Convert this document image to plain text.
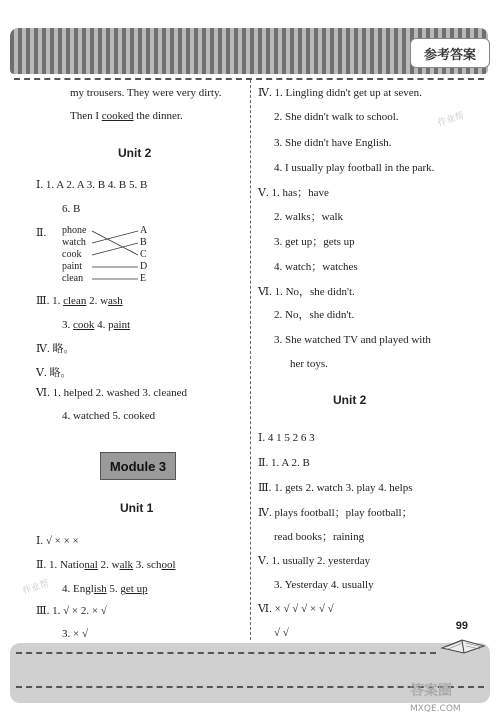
参考答案
my trousers. They were very dirty.
Then I cooked the dinner.
Unit 2
Ⅰ. 1. A 2. A 3. B 4. B 5. B
6. B
Ⅱ. phone
watch
cook
paint
clean
A
B
C
D
E
Ⅲ. 1. clean 2. wash
3. cook 4. paint
Ⅳ. 略。
Ⅴ. 略。
Ⅵ. 1. helped 2. washed 3. cleaned
4. watched 5. cooked
Module 3
Unit 1
Ⅰ. √ × × ×
Ⅱ. 1. National 2. walk 3. school
4. English 5. get up
Ⅲ. 1. √ × 2. × √
3. × √
Ⅳ. 1. Lingling didn't get up at seven.
2. She didn't walk to school.
3. She didn't have English.
4. I usually play football in the park.
Ⅴ. 1. has；have
2. walks；walk
3. get up；gets up
4. watch；watches
Ⅵ. 1. No，she didn't.
2. No，she didn't.
3. She watched TV and played with
her toys.
Unit 2
Ⅰ. 4 1 5 2 6 3
Ⅱ. 1. A 2. B
Ⅲ. 1. gets 2. watch 3. play 4. helps
Ⅳ. plays football；play football；
read books；raining
Ⅴ. 1. usually 2. yesterday
3. Yesterday 4. usually
Ⅵ. × √ √ √ × √ √
√ √
99
作业帮
作业帮
答案圈
MXQE.COM
